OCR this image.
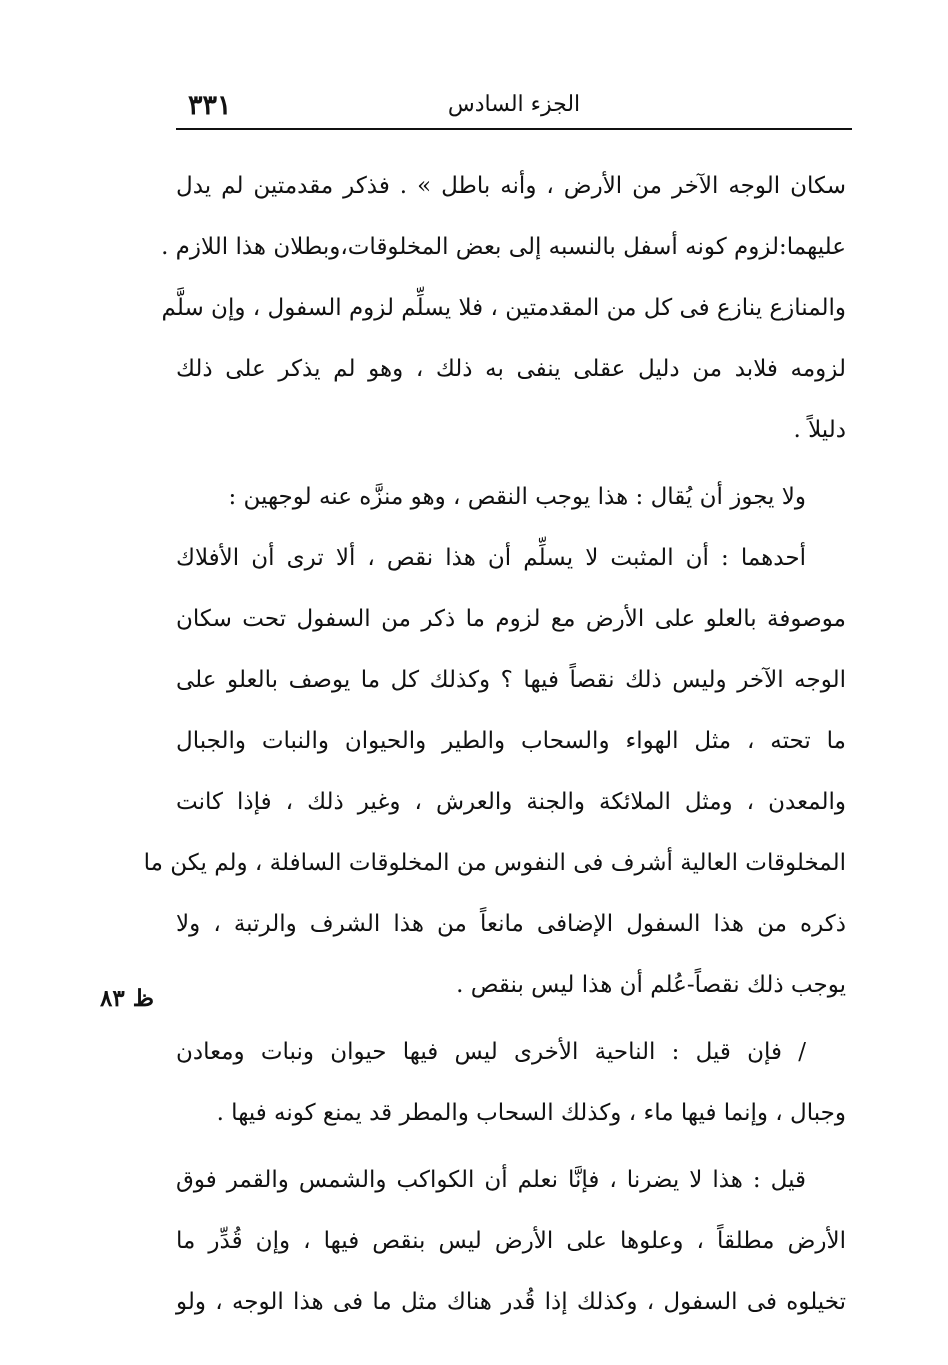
٣٣١	الجزء السادس
ظ ٨٣
سكان الوجه الآخر من الأرض ، وأنه باطل » . فذكر مقدمتين لم يدل
عليهما:لزوم كونه أسفل بالنسبه إلى بعض المخلوقات،وبطلان هذا اللازم .
والمنازع ينازع فى كل من المقدمتين ، فلا يسلِّم لزوم السفول ، وإن سلَّم
لزومه فلابد من دليل عقلى ينفى به ذلك ، وهو لم يذكر على ذلك
دليلاً .
ولا يجوز أن يُقال : هذا يوجب النقص ، وهو منزَّه عنه لوجهين :
أحدهما : أن المثبت لا يسلِّم أن هذا نقص ، ألا ترى أن الأفلاك
موصوفة بالعلو على الأرض مع لزوم ما ذكر من السفول تحت سكان
الوجه الآخر وليس ذلك نقصاً فيها ؟ وكذلك كل ما يوصف بالعلو على
ما تحته ، مثل الهواء والسحاب والطير والحيوان والنبات والجبال
والمعدن ، ومثل الملائكة والجنة والعرش ، وغير ذلك ، فإذا كانت
المخلوقات العالية أشرف فى النفوس من المخلوقات السافلة ، ولم يكن ما
ذكره من هذا السفول الإضافى مانعاً من هذا الشرف والرتبة ، ولا
يوجب ذلك نقصاً-عُلم أن هذا ليس بنقص .
/ فإن قيل : الناحية الأخرى ليس فيها حيوان ونبات ومعادن
وجبال ، وإنما فيها ماء ، وكذلك السحاب والمطر قد يمنع كونه فيها .
قيل : هذا لا يضرنا ، فإنَّا نعلم أن الكواكب والشمس والقمر فوق
الأرض مطلقاً ، وعلوها على الأرض ليس بنقص فيها ، وإن قُدِّر ما
تخيلوه فى السفول ، وكذلك إذا قُدر هناك مثل ما فى هذا الوجه ، ولو
